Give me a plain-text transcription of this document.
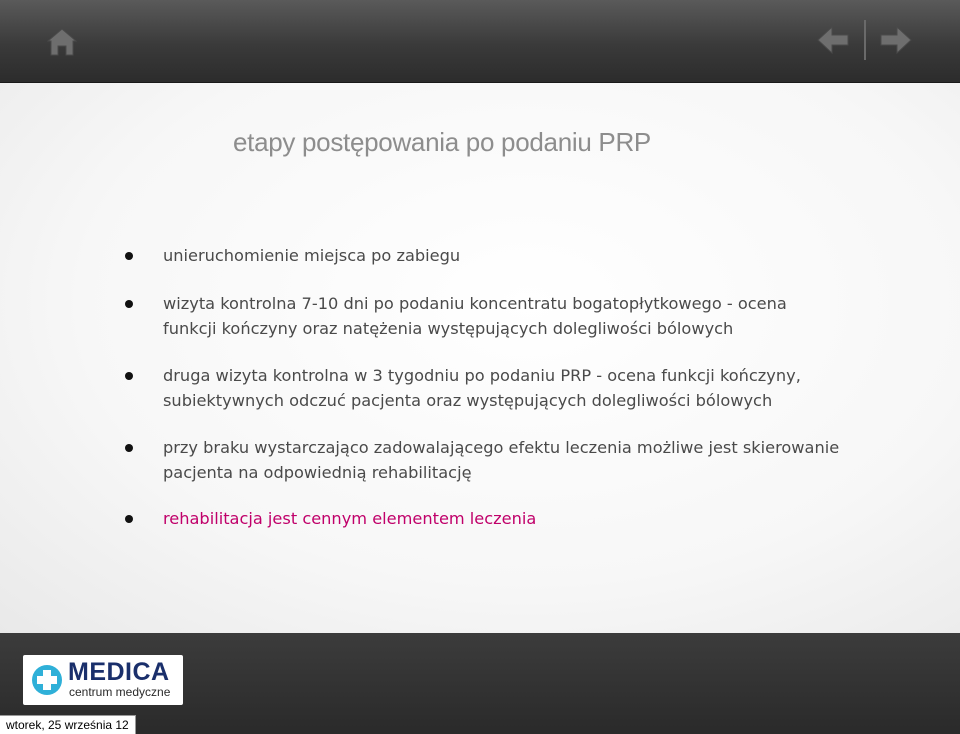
etapy postępowania po podaniu PRP
unieruchomienie miejsca po zabiegu
wizyta kontrolna 7-10 dni po podaniu koncentratu bogatopłytkowego - ocena funkcji kończyny oraz natężenia występujących dolegliwości bólowych
druga wizyta kontrolna w 3 tygodniu po podaniu PRP - ocena funkcji kończyny, subiektywnych odczuć pacjenta oraz występujących dolegliwości bólowych
przy braku wystarczająco zadowalającego efektu leczenia możliwe jest skierowanie pacjenta na odpowiednią rehabilitację
rehabilitacja jest cennym elementem leczenia
MEDICA
centrum medyczne
wtorek, 25 września 12
